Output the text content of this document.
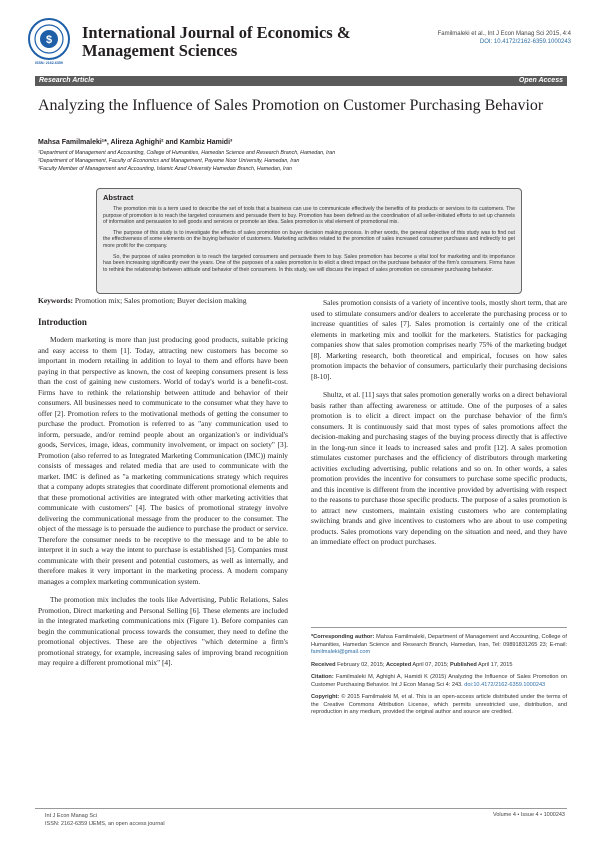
$
ISSN: 2162-6359
International Journal of Economics &
Management Sciences
Familmaleki et al., Int J Econ Manag Sci 2015, 4:4
DOI: 10.4172/2162-6359.1000243
Research Article	Open Access
Analyzing the Influence of Sales Promotion on Customer Purchasing Behavior
Mahsa Familmaleki¹*, Alireza Aghighi² and Kambiz Hamidi³
¹Department of Management and Accounting, College of Humanities, Hamedan Science and Research Branch, Hamedan, Iran
²Department of Management, Faculty of Economics and Management, Payame Noor University, Hamedan, Iran
³Faculty Member of Management and Accounting, Islamic Azad University Hamedan Branch, Hamedan, Iran
Abstract

The promotion mix is a term used to describe the set of tools that a business can use to communicate effectively the benefits of its products or services to its customers. The purpose of promotion is to reach the targeted consumers and persuade them to buy. Promotion has been defined as the coordination of all seller-initiated efforts to set up channels of information and persuasion to sell goods and services or promote an idea. Sales promotion is vital element of promotional mix.

The purpose of this study is to investigate the effects of sales promotion on buyer decision making process. In other words, the general objective of this study was to find out the effectiveness of some elements on the buying behavior of customers. Marketing activities related to the promotion of sales increased consumer purchases and indirectly to get more profit for the company.

So, the purpose of sales promotion is to reach the targeted consumers and persuade them to buy. Sales promotion has become a vital tool for marketing and its importance has been increasing significantly over the years. One of the purposes of a sales promotion is to elicit a direct impact on the purchase behavior of the firm's consumers. Firms have to rethink the relationship between attitude and behavior of their consumers. In this study, we will discuss the impact of sales promotion on consumer purchasing behavior.

Keywords: Promotion mix; Sales promotion; Buyer decision making
Introduction

Modern marketing is more than just producing good products, suitable pricing and easy access to them [1]. Today, attracting new customers has become so important in modern retailing in addition to loyal to them and efforts have been paying in that perspective as known, the cost of keeping consumers present is less than the cost of gaining new customers. World of today's world is a benefit-cost. Firms have to rethink the relationship between attitude and behavior of their consumers. All businesses need to communicate to the consumer what they have to offer [2]. Promotion refers to the motivational methods of getting the consumer to purchase the product. Promotion is referred to as "any communication used to inform, persuade, and/or remind people about an organization's or individual's goods, Services, image, ideas, community involvement, or impact on society" [3]. Promotion (also referred to as Integrated Marketing Communication (IMC)) mainly consists of messages and related media that are used to communicate with the market. IMC is defined as "a marketing communications strategy which requires that a company adopts strategies that coordinate different promotional elements and that these promotional activities are integrated with other marketing activities that communicate with customers" [4]. The basics of promotional strategy involve delivering the communicational message from the producer to the consumer. The object of the message is to persuade the audience to purchase the product or service. Therefore the consumer needs to be receptive to the message and to be able to interpret it in such a way the intent to purchase is established [5]. Companies must communicate with their present and potential customers, as well as internally, and therefore makes it very important in the marketing process. A modern company manages a complex marketing communication system.

The promotion mix includes the tools like Advertising, Public Relations, Sales Promotion, Direct marketing and Personal Selling [6]. These elements are included in the integrated marketing communications mix (Figure 1). Before companies can begin the communicational process towards the consumer, they need to define the promotional objectives. These are the objectives "which determine a firm's promotional strategy, for example, increasing sales of improving brand recognition may require a different promotional mix" [4].

Sales promotion consists of a variety of incentive tools, mostly short term, that are used to stimulate consumers and/or dealers to accelerate the purchasing process or to increase quantities of sales [7]. Sales promotion is certainly one of the critical elements in marketing mix and toolkit for the marketers. Statistics for packaging companies show that sales promotion comprises nearly 75% of the marketing budget [8]. Marketing research, both theoretical and empirical, focuses on how sales promotion impacts the behavior of consumers, particularly their purchasing decisions [8-10].

Shultz, et al. [11] says that sales promotion generally works on a direct behavioral basis rather than affecting awareness or attitude. One of the purposes of a sales promotion is to elicit a direct impact on the purchase behavior of the firm's consumers. It is continuously said that most types of sales promotions affect the decision-making and purchasing stages of the buying process directly that is affective in the long-run since it leads to increased sales and profit [12]. A sales promotion stimulates customer purchases and the efficiency of distributors through marketing activities excluding advertising, public relations and so on. In other words, a sales promotion provides the incentive for consumers to purchase some specific products, and this incentive is different from the incentive provided by advertising with respect to the reasons to purchase those specific products. The purpose of a sales promotion is to attract new customers, maintain existing customers who are contemplating switching brands and give incentives to customers who are about to use competing products. Sales promotions vary depending on the situation and need, and they have an immediate effect on product purchases.

*Corresponding author: Mahsa Familmaleki, Department of Management and Accounting, College of Humanities, Hamedan Science and Research Branch, Hamedan, Iran, Tel: 09891831265 23; E-mail: familmaleki@gmail.com

Received February 02, 2015; Accepted April 07, 2015; Published April 17, 2015

Citation: Familmaleki M, Aghighi A, Hamidi K (2015) Analyzing the Influence of Sales Promotion on Customer Purchasing Behavior. Int J Econ Manag Sci 4: 243. doi:10.4172/2162-6359.1000243

Copyright: © 2015 Familmaleki M, et al. This is an open-access article distributed under the terms of the Creative Commons Attribution License, which permits unrestricted use, distribution, and reproduction in any medium, provided the original author and source are credited.

Int J Econ Manag Sci
ISSN: 2162-6359 IJEMS, an open access journal
Volume 4 • Issue 4 • 1000243
